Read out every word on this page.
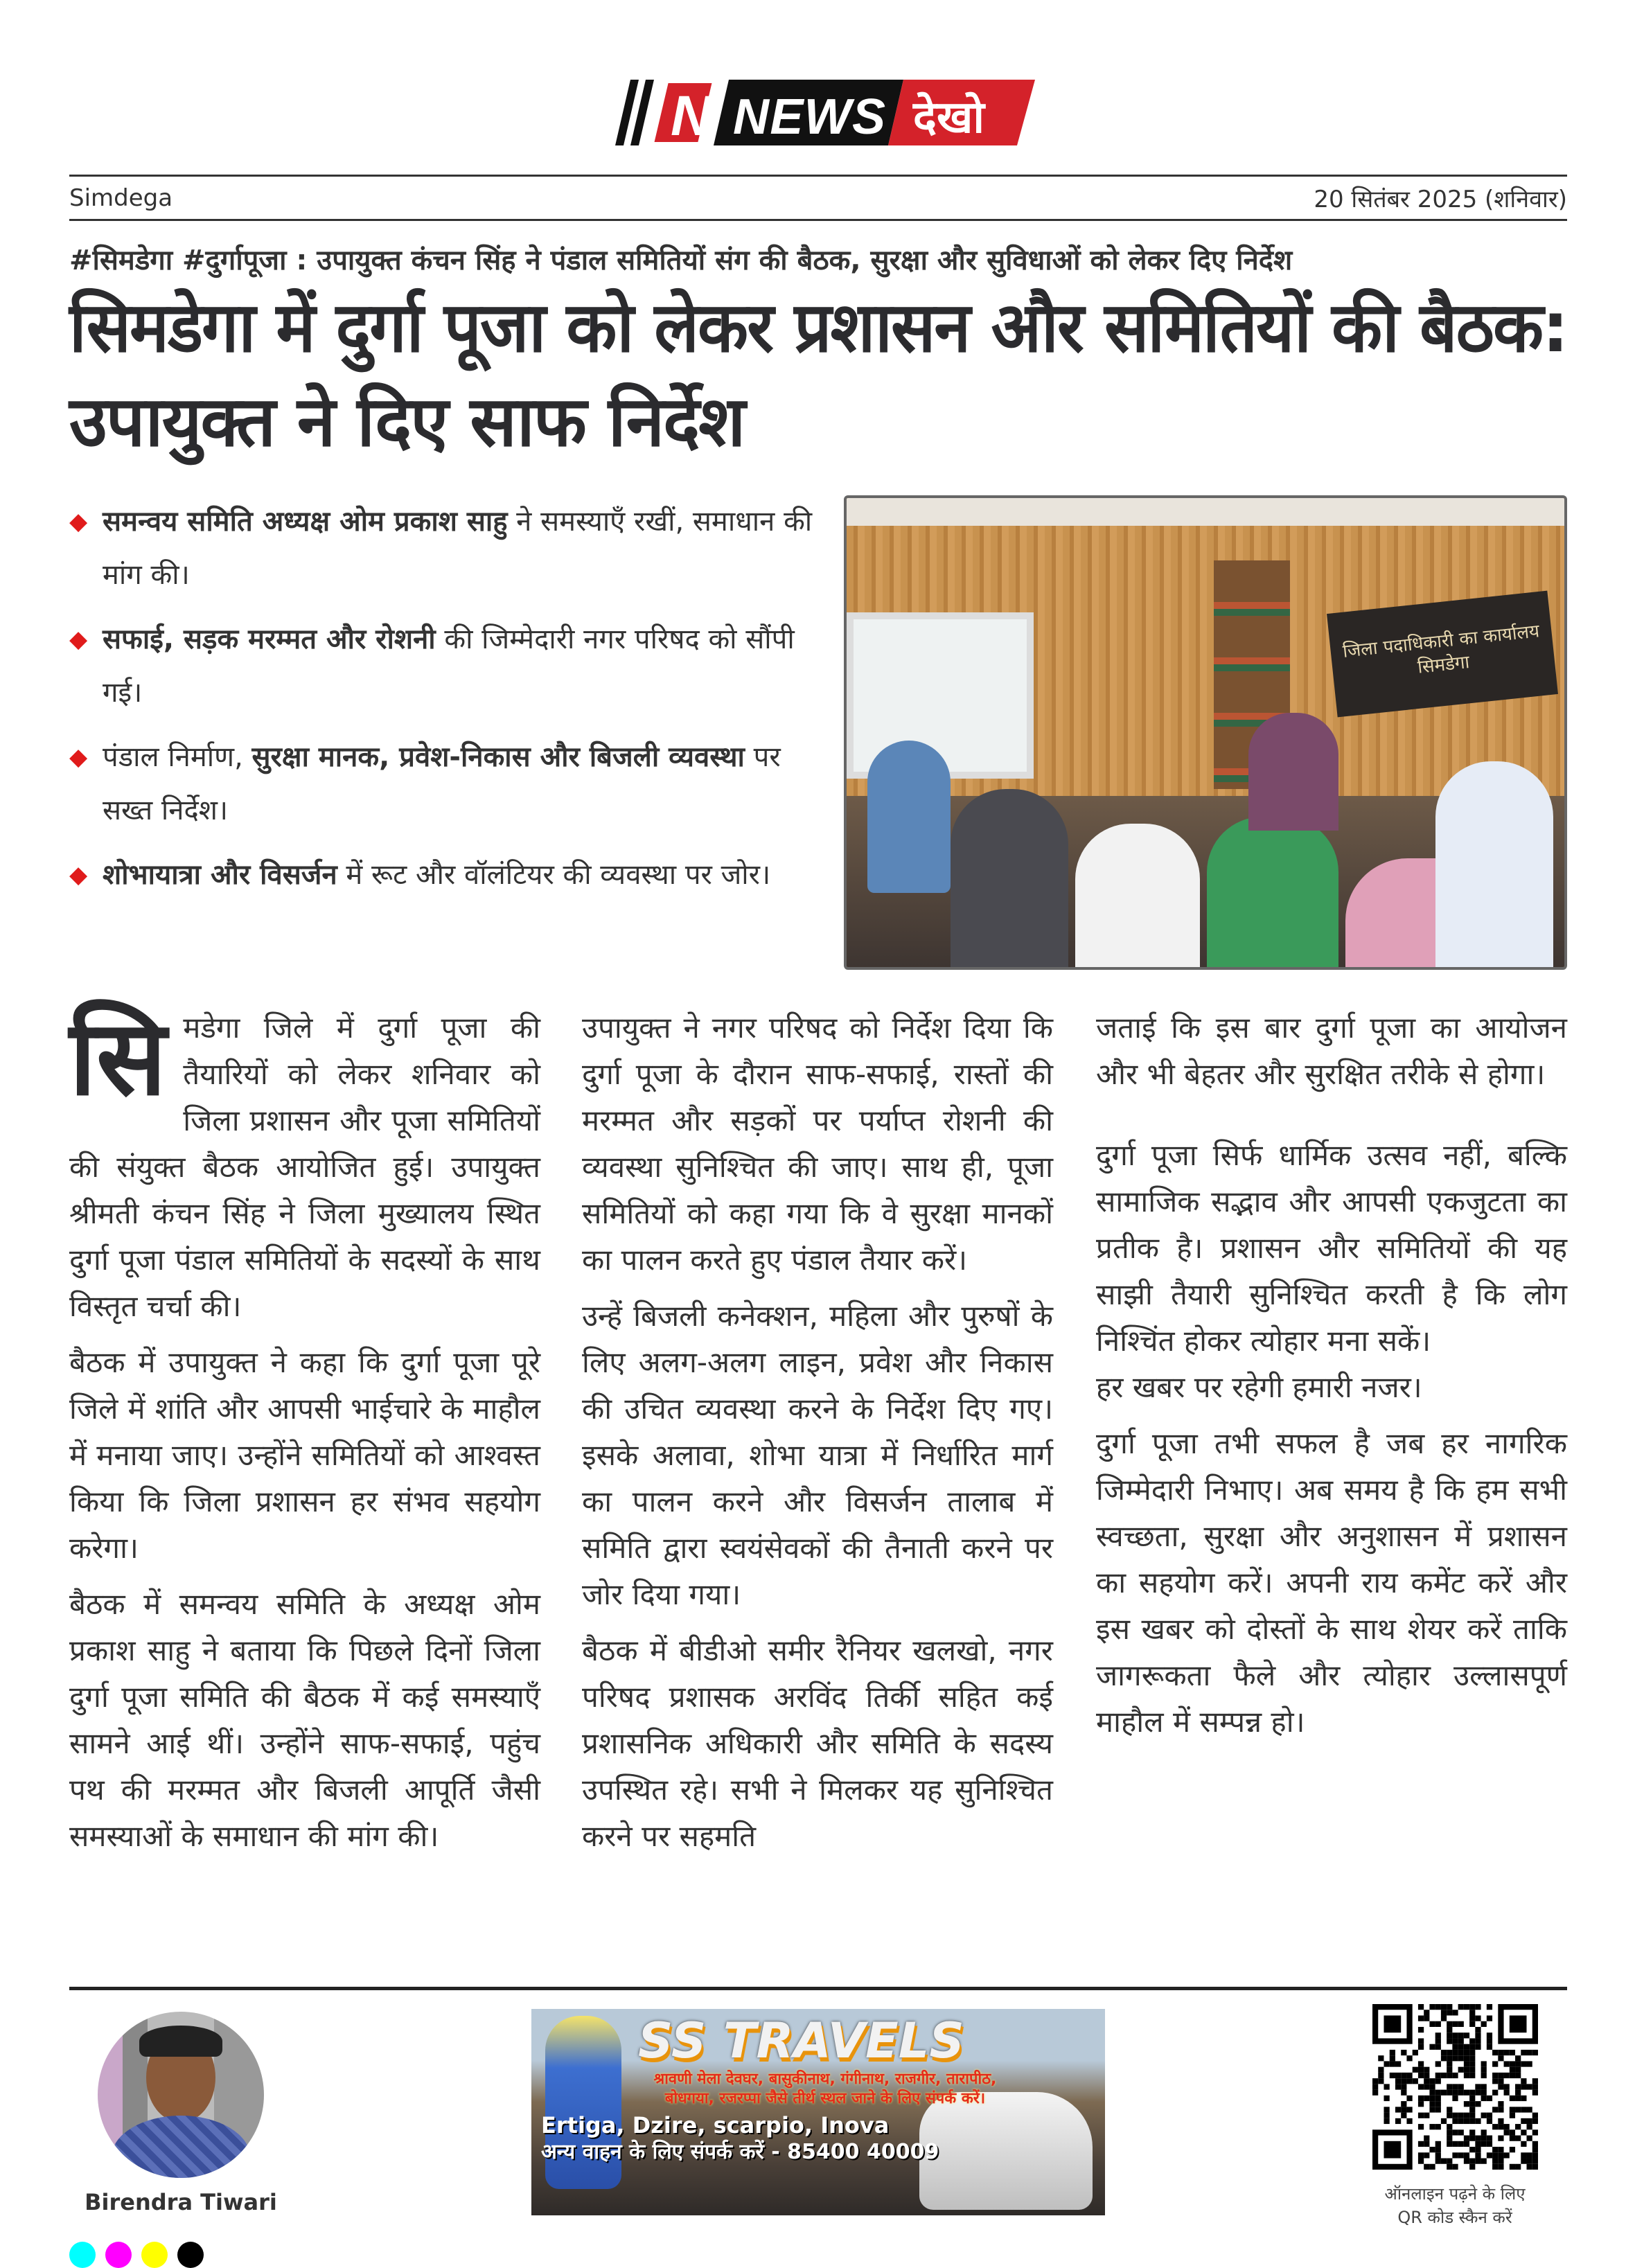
N NEWS देखो
Simdega	20 सितंबर 2025 (शनिवार)
#सिमडेगा #दुर्गापूजा : उपायुक्त कंचन सिंह ने पंडाल समितियों संग की बैठक, सुरक्षा और सुविधाओं को लेकर दिए निर्देश
सिमडेगा में दुर्गा पूजा को लेकर प्रशासन और समितियों की बैठक:
उपायुक्त ने दिए साफ निर्देश
◆ समन्वय समिति अध्यक्ष ओम प्रकाश साहु ने समस्याएँ रखीं, समाधान की मांग की।
◆ सफाई, सड़क मरम्मत और रोशनी की जिम्मेदारी नगर परिषद को सौंपी गई।
◆ पंडाल निर्माण, सुरक्षा मानक, प्रवेश-निकास और बिजली व्यवस्था पर सख्त निर्देश।
◆ शोभायात्रा और विसर्जन में रूट और वॉलंटियर की व्यवस्था पर जोर।
जिला पदाधिकारी का कार्यालय सिमडेगा

सिमडेगा जिले में दुर्गा पूजा की तैयारियों को लेकर शनिवार को जिला प्रशासन और पूजा समितियों की संयुक्त बैठक आयोजित हुई। उपायुक्त श्रीमती कंचन सिंह ने जिला मुख्यालय स्थित दुर्गा पूजा पंडाल समितियों के सदस्यों के साथ विस्तृत चर्चा की।

बैठक में उपायुक्त ने कहा कि दुर्गा पूजा पूरे जिले में शांति और आपसी भाईचारे के माहौल में मनाया जाए। उन्होंने समितियों को आश्वस्त किया कि जिला प्रशासन हर संभव सहयोग करेगा।

बैठक में समन्वय समिति के अध्यक्ष ओम प्रकाश साहु ने बताया कि पिछले दिनों जिला दुर्गा पूजा समिति की बैठक में कई समस्याएँ सामने आई थीं। उन्होंने साफ-सफाई, पहुंच पथ की मरम्मत और बिजली आपूर्ति जैसी समस्याओं के समाधान की मांग की।

उपायुक्त ने नगर परिषद को निर्देश दिया कि दुर्गा पूजा के दौरान साफ-सफाई, रास्तों की मरम्मत और सड़कों पर पर्याप्त रोशनी की व्यवस्था सुनिश्चित की जाए। साथ ही, पूजा समितियों को कहा गया कि वे सुरक्षा मानकों का पालन करते हुए पंडाल तैयार करें।

उन्हें बिजली कनेक्शन, महिला और पुरुषों के लिए अलग-अलग लाइन, प्रवेश और निकास की उचित व्यवस्था करने के निर्देश दिए गए। इसके अलावा, शोभा यात्रा में निर्धारित मार्ग का पालन करने और विसर्जन तालाब में समिति द्वारा स्वयंसेवकों की तैनाती करने पर जोर दिया गया।

बैठक में बीडीओ समीर रैनियर खलखो, नगर परिषद प्रशासक अरविंद तिर्की सहित कई प्रशासनिक अधिकारी और समिति के सदस्य उपस्थित रहे। सभी ने मिलकर यह सुनिश्चित करने पर सहमति

जताई कि इस बार दुर्गा पूजा का आयोजन और भी बेहतर और सुरक्षित तरीके से होगा।

दुर्गा पूजा सिर्फ धार्मिक उत्सव नहीं, बल्कि सामाजिक सद्भाव और आपसी एकजुटता का प्रतीक है। प्रशासन और समितियों की यह साझी तैयारी सुनिश्चित करती है कि लोग निश्चिंत होकर त्योहार मना सकें।

हर खबर पर रहेगी हमारी नजर।

दुर्गा पूजा तभी सफल है जब हर नागरिक जिम्मेदारी निभाए। अब समय है कि हम सभी स्वच्छता, सुरक्षा और अनुशासन में प्रशासन का सहयोग करें। अपनी राय कमेंट करें और इस खबर को दोस्तों के साथ शेयर करें ताकि जागरूकता फैले और त्योहार उल्लासपूर्ण माहौल में सम्पन्न हो।

Birendra Tiwari
SS TRAVELS
श्रावणी मेला देवघर, बासुकीनाथ, गंगीनाथ, राजगीर, तारापीठ, बोधगया, रजरप्पा जैसे तीर्थ स्थल जाने के लिए संपर्क करें।
Ertiga, Dzire, scarpio, Inova
अन्य वाहन के लिए संपर्क करें - 85400 40009
ऑनलाइन पढ़ने के लिए
QR कोड स्कैन करें
